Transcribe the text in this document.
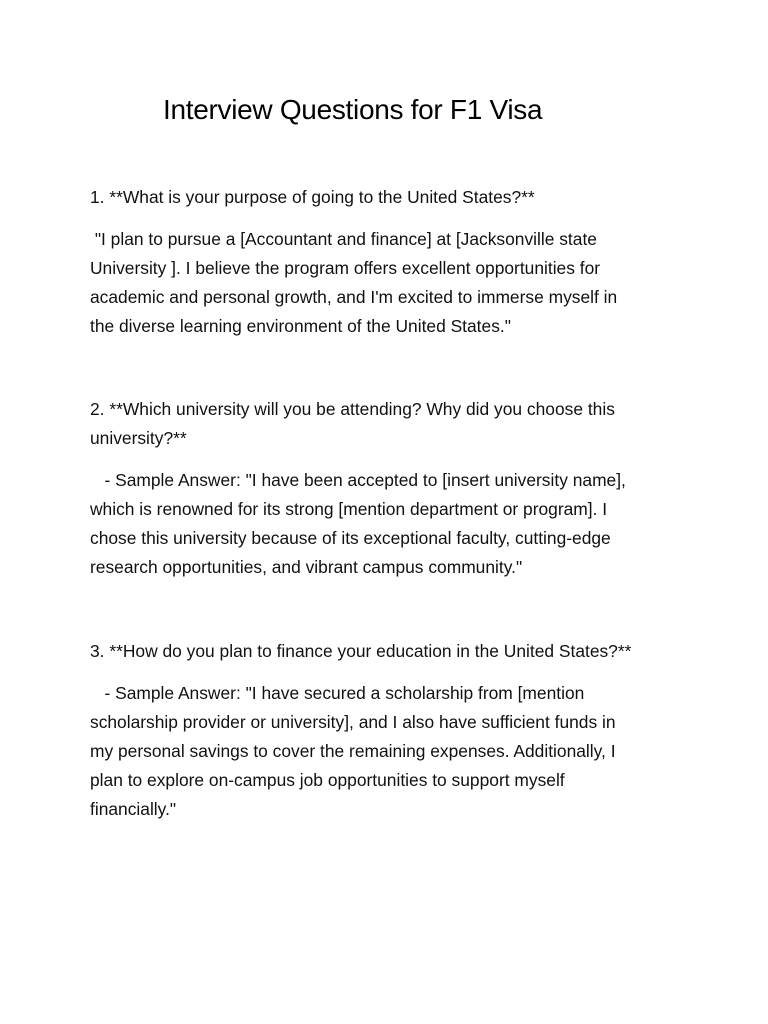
Interview Questions for F1 Visa

1. **What is your purpose of going to the United States?**

"I plan to pursue a [Accountant and finance] at [Jacksonville state
University ]. I believe the program offers excellent opportunities for
academic and personal growth, and I'm excited to immerse myself in
the diverse learning environment of the United States."

2. **Which university will you be attending? Why did you choose this
university?**

- Sample Answer: "I have been accepted to [insert university name],
which is renowned for its strong [mention department or program]. I
chose this university because of its exceptional faculty, cutting-edge
research opportunities, and vibrant campus community."

3. **How do you plan to finance your education in the United States?**

- Sample Answer: "I have secured a scholarship from [mention
scholarship provider or university], and I also have sufficient funds in
my personal savings to cover the remaining expenses. Additionally, I
plan to explore on-campus job opportunities to support myself
financially."
